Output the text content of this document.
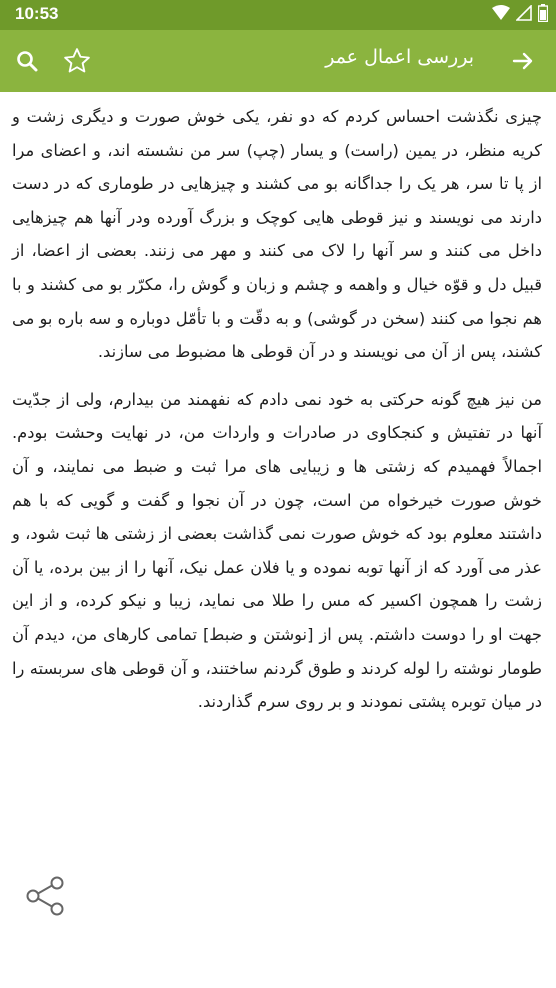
10:53
بررسی اعمال عمر

چیزی نگذشت احساس کردم که دو نفر، یکی خوش صورت و دیگری زشت و کریه منظر، در یمین (راست) و یسار (چپ) سر من نشسته اند، و اعضای مرا از پا تا سر، هر یک را جداگانه بو می کشند و چیزهایی در طوماری که در دست دارند می نویسند و نیز قوطی هایی کوچک و بزرگ آورده ودر آنها هم چیزهایی داخل می کنند و سر آنها را لاک می کنند و مهر می زنند. بعضی از اعضا، از قبیل دل و قوّه خیال و واهمه و چشم و زبان و گوش را، مکرّر بو می کشند و با هم نجوا می کنند (سخن در گوشی) و به دقّت و با تأمّل دوباره و سه باره بو می کشند، پس از آن می نویسند و در آن قوطی ها مضبوط می سازند.

من نیز هیچ گونه حرکتی به خود نمی دادم که نفهمند من بیدارم، ولی از جدّیت آنها در تفتیش و کنجکاوی در صادرات و واردات من، در نهایت وحشت بودم. اجمالاً فهمیدم که زشتی ها و زیبایی های مرا ثبت و ضبط می نمایند، و آن خوش صورت خیرخواه من است، چون در آن نجوا و گفت و گویی که با هم داشتند معلوم بود که خوش صورت نمی گذاشت بعضی از زشتی ها ثبت شود، و عذر می آورد که از آنها توبه نموده و یا فلان عمل نیک، آنها را از بین برده، یا آن زشت را همچون اکسیر که مس را طلا می نماید، زیبا و نیکو کرده، و از این جهت او را دوست داشتم. پس از [نوشتن و ضبط] تمامی کارهای من، دیدم آن طومار نوشته را لوله کردند و طوق گردنم ساختند، و آن قوطی های سربسته را در میان توبره پشتی نمودند و بر روی سرم گذاردند.
